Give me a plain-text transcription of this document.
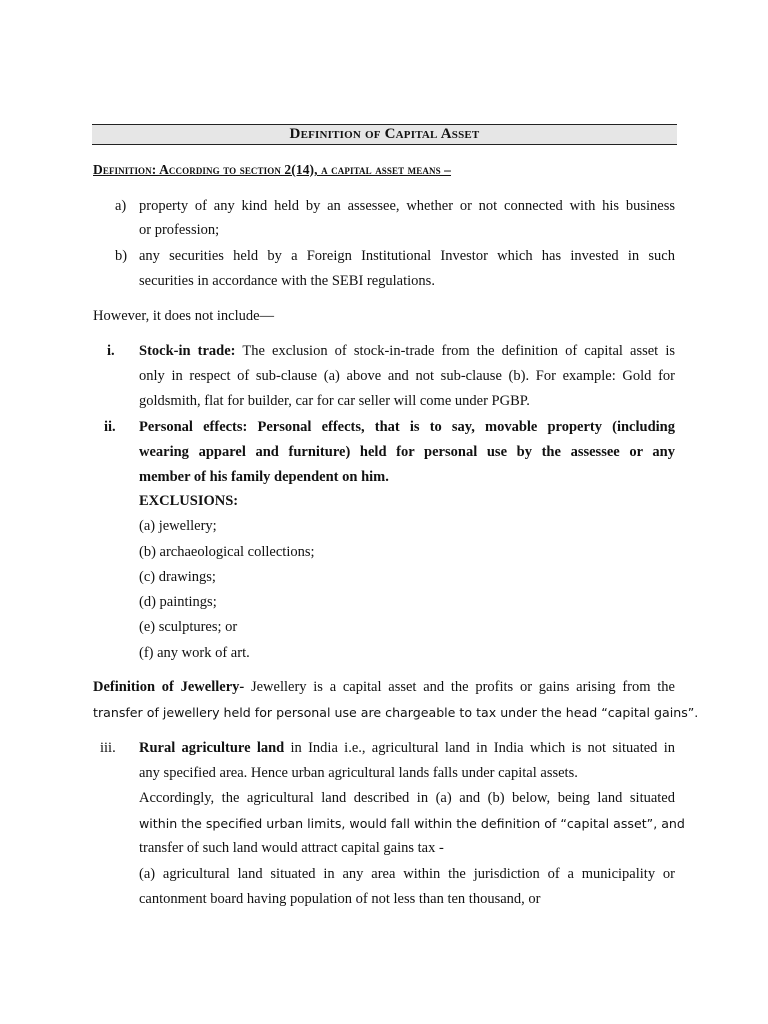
Definition of Capital Asset
Definition: According to section 2(14), a capital asset means –
a) property of any kind held by an assessee, whether or not connected with his business
or profession;
b) any securities held by a Foreign Institutional Investor which has invested in such
securities in accordance with the SEBI regulations.
However, it does not include—
i. Stock-in trade: The exclusion of stock-in-trade from the definition of capital asset is
only in respect of sub-clause (a) above and not sub-clause (b). For example: Gold for
goldsmith, flat for builder, car for car seller will come under PGBP.
ii. Personal effects: Personal effects, that is to say, movable property (including
wearing apparel and furniture) held for personal use by the assessee or any
member of his family dependent on him.
EXCLUSIONS:
(a) jewellery;
(b) archaeological collections;
(c) drawings;
(d) paintings;
(e) sculptures; or
(f) any work of art.
Definition of Jewellery- Jewellery is a capital asset and the profits or gains arising from the
transfer of jewellery held for personal use are chargeable to tax under the head “capital gains”.
iii. Rural agriculture land in India i.e., agricultural land in India which is not situated in
any specified area. Hence urban agricultural lands falls under capital assets.
Accordingly, the agricultural land described in (a) and (b) below, being land situated
within the specified urban limits, would fall within the definition of “capital asset”, and
transfer of such land would attract capital gains tax -
(a) agricultural land situated in any area within the jurisdiction of a municipality or
cantonment board having population of not less than ten thousand, or
